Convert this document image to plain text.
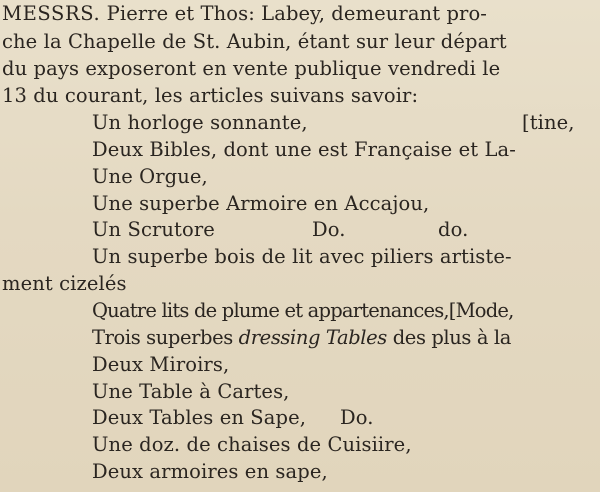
MESSRS. Pierre et Thos: Labey, demeurant pro-
che la Chapelle de St. Aubin, étant sur leur départ
du pays exposeront en vente publique vendredi le
13 du courant, les articles suivans savoir:
Un horloge sonnante,	[tine,
Deux Bibles, dont une est Française et La-
Une Orgue,
Une superbe Armoire en Accajou,
Un Scrutore	Do.	do.
Un superbe bois de lit avec piliers artiste-
ment cizelés
Quatre lits de plume et appartenances,[Mode,
Trois superbes dressing Tables des plus à la
Deux Miroirs,
Une Table à Cartes,
Deux Tables en Sape, Do.
Une doz. de chaises de Cuisiire,
Deux armoires en sape,
